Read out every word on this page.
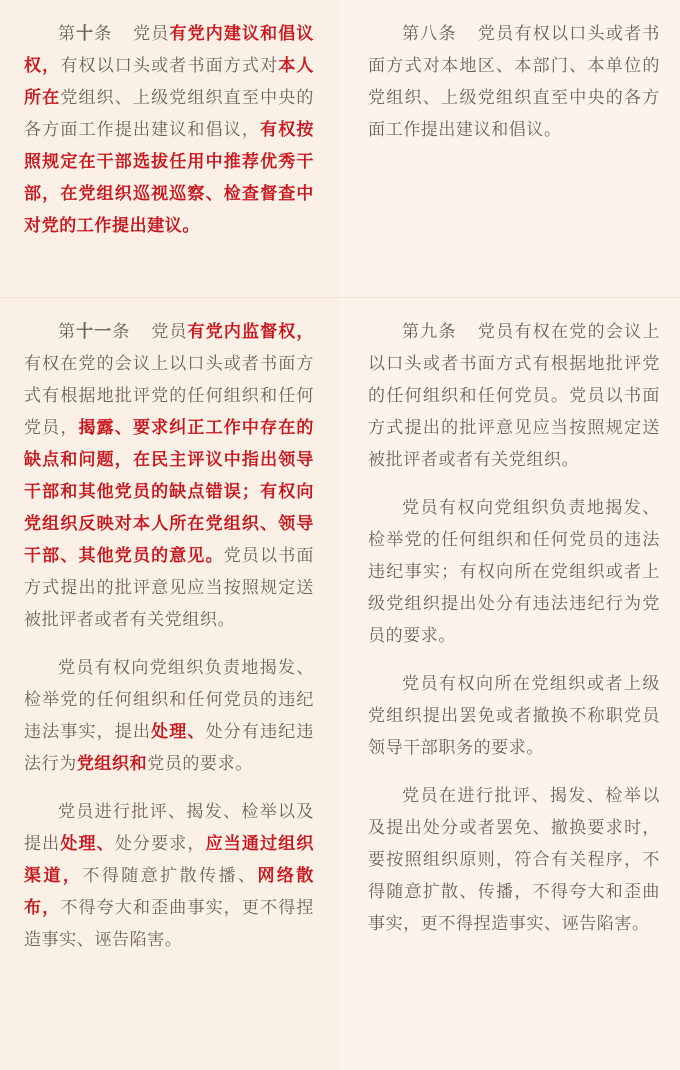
第十条 党员有党内建议和倡议权，有权以口头或者书面方式对本人所在党组织、上级党组织直至中央的各方面工作提出建议和倡议，有权按照规定在干部选拔任用中推荐优秀干部，在党组织巡视巡察、检查督查中对党的工作提出建议。

第八条 党员有权以口头或者书面方式对本地区、本部门、本单位的党组织、上级党组织直至中央的各方面工作提出建议和倡议。

第十一条 党员有党内监督权，有权在党的会议上以口头或者书面方式有根据地批评党的任何组织和任何党员，揭露、要求纠正工作中存在的缺点和问题，在民主评议中指出领导干部和其他党员的缺点错误；有权向党组织反映对本人所在党组织、领导干部、其他党员的意见。党员以书面方式提出的批评意见应当按照规定送被批评者或者有关党组织。

党员有权向党组织负责地揭发、检举党的任何组织和任何党员的违纪违法事实，提出处理、处分有违纪违法行为党组织和党员的要求。

党员进行批评、揭发、检举以及提出处理、处分要求，应当通过组织渠道，不得随意扩散传播、网络散布，不得夸大和歪曲事实，更不得捏造事实、诬告陷害。

第九条 党员有权在党的会议上以口头或者书面方式有根据地批评党的任何组织和任何党员。党员以书面方式提出的批评意见应当按照规定送被批评者或者有关党组织。

党员有权向党组织负责地揭发、检举党的任何组织和任何党员的违法违纪事实；有权向所在党组织或者上级党组织提出处分有违法违纪行为党员的要求。

党员有权向所在党组织或者上级党组织提出罢免或者撤换不称职党员领导干部职务的要求。

党员在进行批评、揭发、检举以及提出处分或者罢免、撤换要求时，要按照组织原则，符合有关程序，不得随意扩散、传播，不得夸大和歪曲事实，更不得捏造事实、诬告陷害。
